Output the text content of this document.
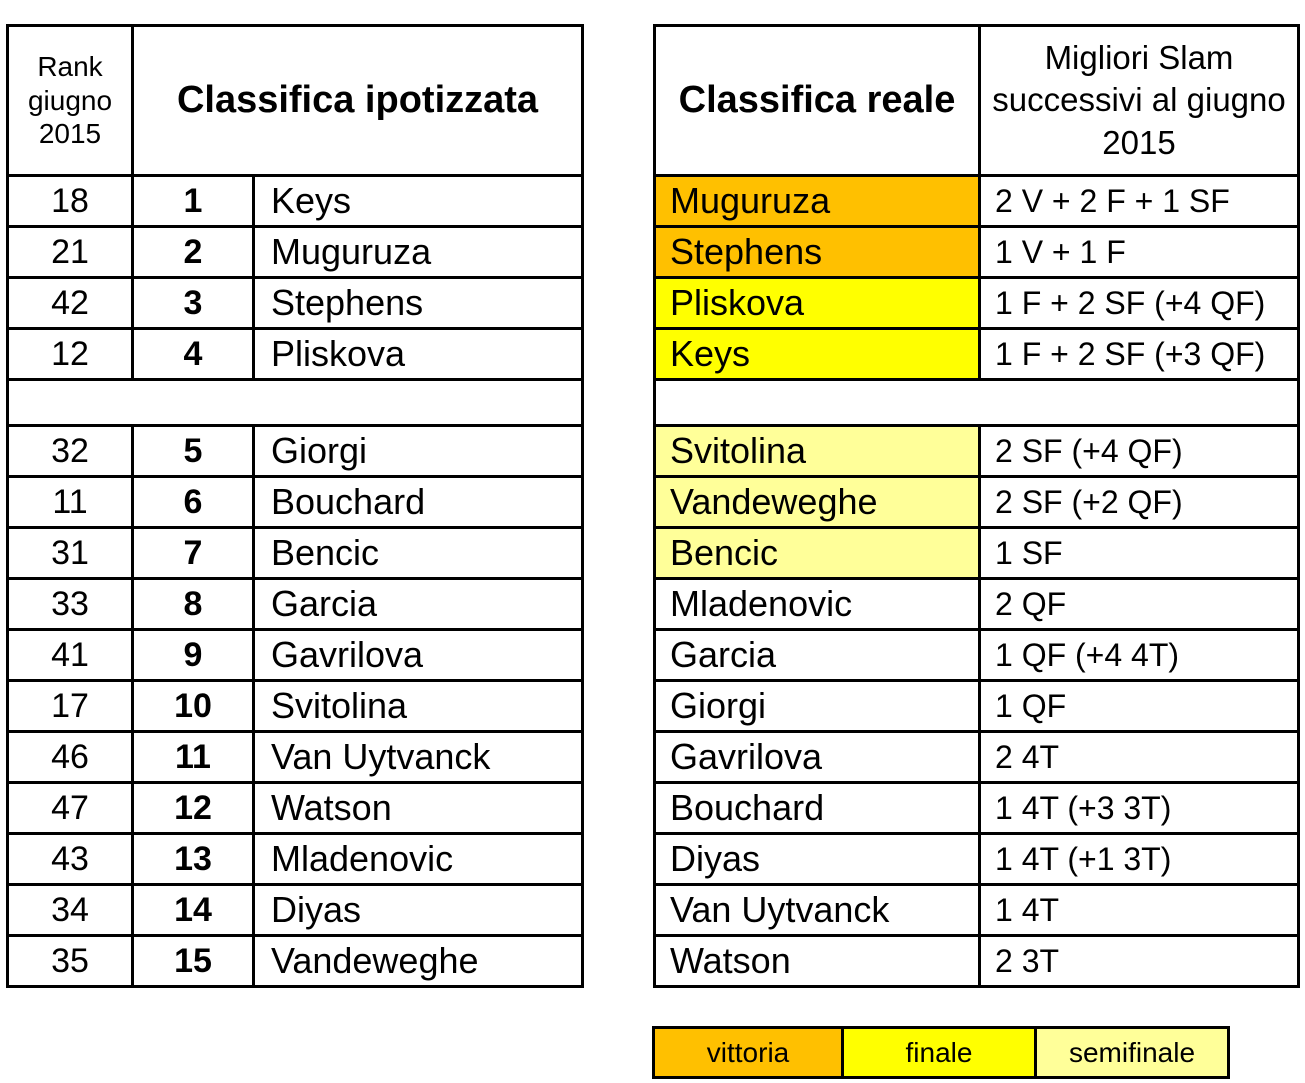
Rank giugno 2015	Classifica ipotizzata	
18	1	Keys
21	2	Muguruza
42	3	Stephens
12	4	Pliskova

32	5	Giorgi
11	6	Bouchard
31	7	Bencic
33	8	Garcia
41	9	Gavrilova
17	10	Svitolina
46	11	Van Uytvanck
47	12	Watson
43	13	Mladenovic
34	14	Diyas
35	15	Vandeweghe
Classifica reale	Migliori Slam successivi al giugno 2015
Muguruza	2 V + 2 F + 1 SF
Stephens	1 V + 1 F
Pliskova	1 F + 2 SF (+4 QF)
Keys	1 F + 2 SF (+3 QF)

Svitolina	2 SF (+4 QF)
Vandeweghe	2 SF (+2 QF)
Bencic	1 SF
Mladenovic	2 QF
Garcia	1 QF (+4 4T)
Giorgi	1 QF
Gavrilova	2 4T
Bouchard	1 4T (+3 3T)
Diyas	1 4T (+1 3T)
Van Uytvanck	1 4T
Watson	2 3T
vittoria	finale	semifinale
